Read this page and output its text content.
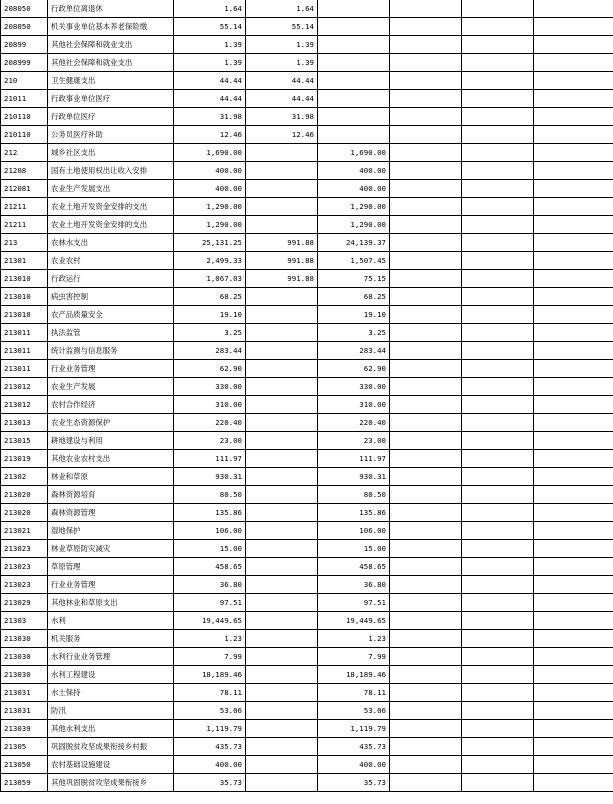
208050	行政单位离退休	1.64	1.64				
208050	机关事业单位基本养老保险缴	55.14	55.14				
20899	其他社会保障和就业支出	1.39	1.39				
208999	其他社会保障和就业支出	1.39	1.39				
210	卫生健康支出	44.44	44.44				
21011	行政事业单位医疗	44.44	44.44				
210110	行政单位医疗	31.98	31.98				
210110	公务员医疗补助	12.46	12.46				
212	城乡社区支出	1,690.00		1,690.00			
21208	国有土地使用权出让收入安排	400.00		400.00			
212081	农业生产发展支出	400.00		400.00			
21211	农业土地开发资金安排的支出	1,290.00		1,290.00			
21211	农业土地开发资金安排的支出	1,290.00		1,290.00			
213	农林水支出	25,131.25	991.88	24,139.37			
21301	农业农村	2,499.33	991.88	1,507.45			
213010	行政运行	1,067.03	991.88	75.15			
213010	病虫害控制	68.25		68.25			
213010	农产品质量安全	19.10		19.10			
213011	执法监管	3.25		3.25			
213011	统计监测与信息服务	283.44		283.44			
213011	行业业务管理	62.90		62.90			
213012	农业生产发展	330.00		330.00			
213012	农村合作经济	310.00		310.00			
213013	农业生态资源保护	220.40		220.40			
213015	耕地建设与利用	23.00		23.00			
213019	其他农业农村支出	111.97		111.97			
21302	林业和草原	930.31		930.31			
213020	森林资源培育	80.50		80.50			
213020	森林资源管理	135.86		135.86			
213021	湿地保护	106.00		106.00			
213023	林业草原防灾减灾	15.00		15.00			
213023	草原管理	458.65		458.65			
213023	行业业务管理	36.80		36.80			
213029	其他林业和草原支出	97.51		97.51			
21303	水利	19,449.65		19,449.65			
213030	机关服务	1.23		1.23			
213030	水利行业业务管理	7.99		7.99			
213030	水利工程建设	18,189.46		18,189.46			
213031	水土保持	78.11		78.11			
213031	防汛	53.06		53.06			
213039	其他水利支出	1,119.79		1,119.79			
21305	巩固脱贫攻坚成果衔接乡村振	435.73		435.73			
213050	农村基础设施建设	400.00		400.00			
213059	其他巩固脱贫攻坚成果衔接乡	35.73		35.73			
